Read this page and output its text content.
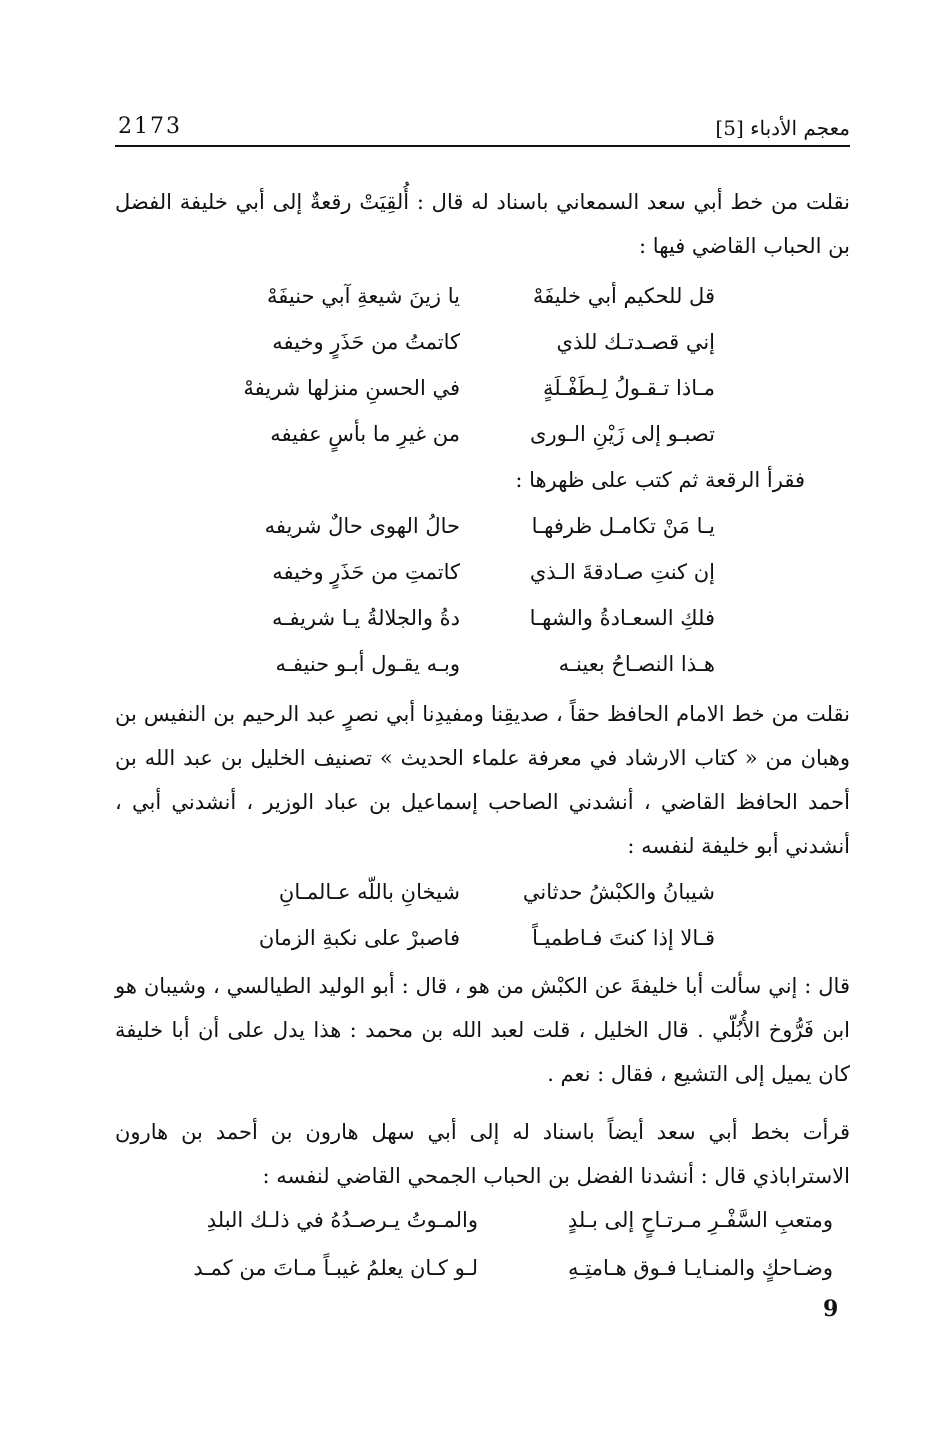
معجم الأدباء [5]
2173
نقلت من خط أبي سعد السمعاني باسناد له قال : أُلقِيَتْ رقعةٌ إلى أبي خليفة الفضل بن الحباب القاضي فيها :
قل للحكيم أبي خليفَهْ
يا زينَ شيعةِ آبي حنيفَهْ
إني قصـدتـك للذي
كاتمتُ من حَذَرٍ وخيفه
مـاذا تـقـولُ لِـطَفْـلَةٍ
في الحسنِ منزلها شريفهْ
تصبـو إلى زَيْنِ الـورى
من غيرِ ما بأسٍ عفيفه
فقرأ الرقعة ثم كتب على ظهرها :
يـا مَنْ تكامـل ظرفهـا
حالُ الهوى حالٌ شريفه
إن كنتِ صـادقةَ الـذي
كاتمتِ من حَذَرٍ وخيفه
فلكِ السعـادةُ والشهـا
دةُ والجلالةُ يـا شريفـه
هـذا النصـاحُ بعينـه
وبـه يقـول أبـو حنيفـه
نقلت من خط الامام الحافظ حقاً ، صديقِنا ومفيدِنا أبي نصرٍ عبد الرحيم بن النفيس بن وهبان من « كتاب الارشاد في معرفة علماء الحديث » تصنيف الخليل بن عبد الله بن أحمد الحافظ القاضي ، أنشدني الصاحب إسماعيل بن عباد الوزير ، أنشدني أبي ، أنشدني أبو خليفة لنفسه :
شيبانُ والكبْشُ حدثاني
شيخانِ باللّه عـالمـانِ
قـالا إذا كنتَ فـاطميـاً
فاصبرْ على نكبةِ الزمان
قال : إني سألت أبا خليفةَ عن الكبْش من هو ، قال : أبو الوليد الطيالسي ، وشيبان هو ابن فَرُّوخ الأُبُلّي . قال الخليل ، قلت لعبد الله بن محمد : هذا يدل على أن أبا خليفة كان يميل إلى التشيع ، فقال : نعم .
قرأت بخط أبي سعد أيضاً باسناد له إلى أبي سهل هارون بن أحمد بن هارون الاستراباذي قال : أنشدنا الفضل بن الحباب الجمحي القاضي لنفسه :
ومتعبِ السَّفْـرِ مـرتـاحٍ إلى بـلدٍ
والمـوتُ يـرصـدُهُ في ذلـك البلدِ
وضـاحكٍ والمنـايـا فـوق هـامتِـهِ
لـو كـان يعلمُ غيبـاً مـاتَ من كمـد
9
